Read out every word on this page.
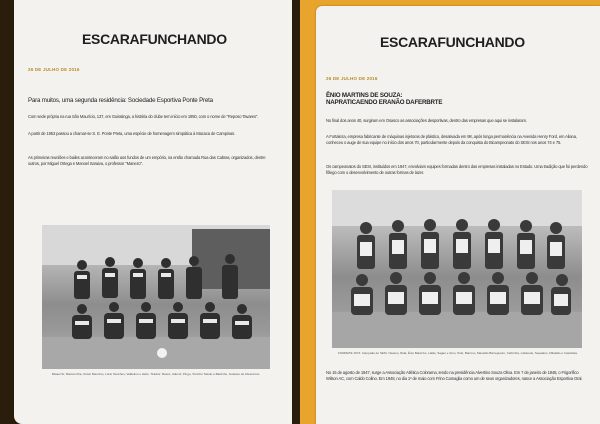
ESCARAFUNCHANDO
26 DE JULHO DE 2016
Para muitos, uma segunda residência: Sociedade Esportiva Ponte Preta
Com sede própria na rua São Maurício, 137, em Guiratinga, a história do clube tem início em 1950, com o nome de "Reposo Tavares".
A partir de 1953 passou a chamar-se S. E. Ponte Preta, uma espécie de homenagem simpática à Macaca de Campinas.
As primeiras reuniões e bailes aconteceram no salão aos fundos de um empório, na então chamada Rua das Cabras, organizados, dentre outros, por Miguel Ortega e Manoel Saraiva, o professor "Manezo".
Misael Sr, Marcos Ilha, Oscar Maurício, Lúcio Sanches, Valdelino e Helio. Tirados: Rosco, Ademir, Pingo, Toninho Toledo e Baixinho, Gustavo do Abraomino.
ESCARAFUNCHANDO
26 DE JULHO DE 2016
ÊNIO MARTINS DE SOUZA:
NAPRATICAENDO ERANÃO DAFERBRTE
No final dos anos 40, surgiram em Osasco as associações desportivas, dentro das empresas que aqui se instalaram.
A Fortaleza, empresa fabricante de máquinas injetoras de plástico, desativada em 98, após longa permanência na Avenida Henry Ford, em Aliana, conheceu o auge de sua equipe no início dos anos 70, particularmente depois da conquista do Bicampeonato do SESI nos anos 74 e 75.
Os campeonatos do SESI, instituídos em 1947, envolviam equipes formadas dentro das empresas instaladas no Estado. Uma tradição que foi perdendo fôlego com o desenvolvimento de outras formas de lazer.
FORMATE 1974: Campeão do SESI. Osasco, Dida, Ênio Baixinho, Latão, Sagan e Gino, Pelé, Barroso, Manelão Barregueiro, Cabrinha, Labaredo, Sepalano, Milsatão e Castelista.
No 15 de agosto de 1947, surge a Associação Atlética Colorama, tendo na presidência Alvertino Souza Oliva. Em 7 de janeiro de 1948, o Frigorífico Wilson AC, com Caldo Colino. Em 1948, no dia 1º de maio com Frino Camaglia como um de seus organizadores, nasce a Associação Esportiva Oral.
